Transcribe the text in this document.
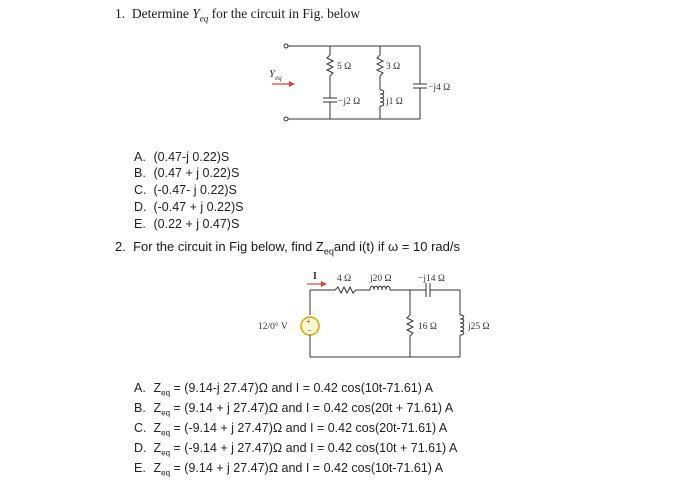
1. Determine $Y_{eq}$ for the circuit in Fig. below
$Y_{eq}$
5 Ω	3 Ω
−j2 Ω	j1 Ω
−j4 Ω
A. (0.47-j 0.22)S
B. (0.47 + j 0.22)S
C. (-0.47- j 0.22)S
D. (-0.47 + j 0.22)S
E. (0.22 + j 0.47)S
2. For the circuit in Fig below, find $Z_{eq}and$ i(t) if ω = 10 rad/s
+
−
I 4 Ω j20 Ω	−j14 Ω
12/0° V	16 Ω	j25 Ω
A. $Z_{eq} = (9.14-j$ 27.47)Ω and I = 0.42 cos(10t-71.61) A
B. $Z_{eq} = (9.14 + j$ 27.47)Ω and I = 0.42 cos(20t + 71.61) A
C. $Z_{eq} = (-9.14 + j$ 27.47)Ω and I = 0.42 cos(20t-71.61) A
D. $Z_{eq} = (-9.14 + j$ 27.47)Ω and I = 0.42 cos(10t + 71.61) A
E. $Z_{eq} = (9.14 + j$ 27.47)Ω and I = 0.42 cos(10t-71.61) A
